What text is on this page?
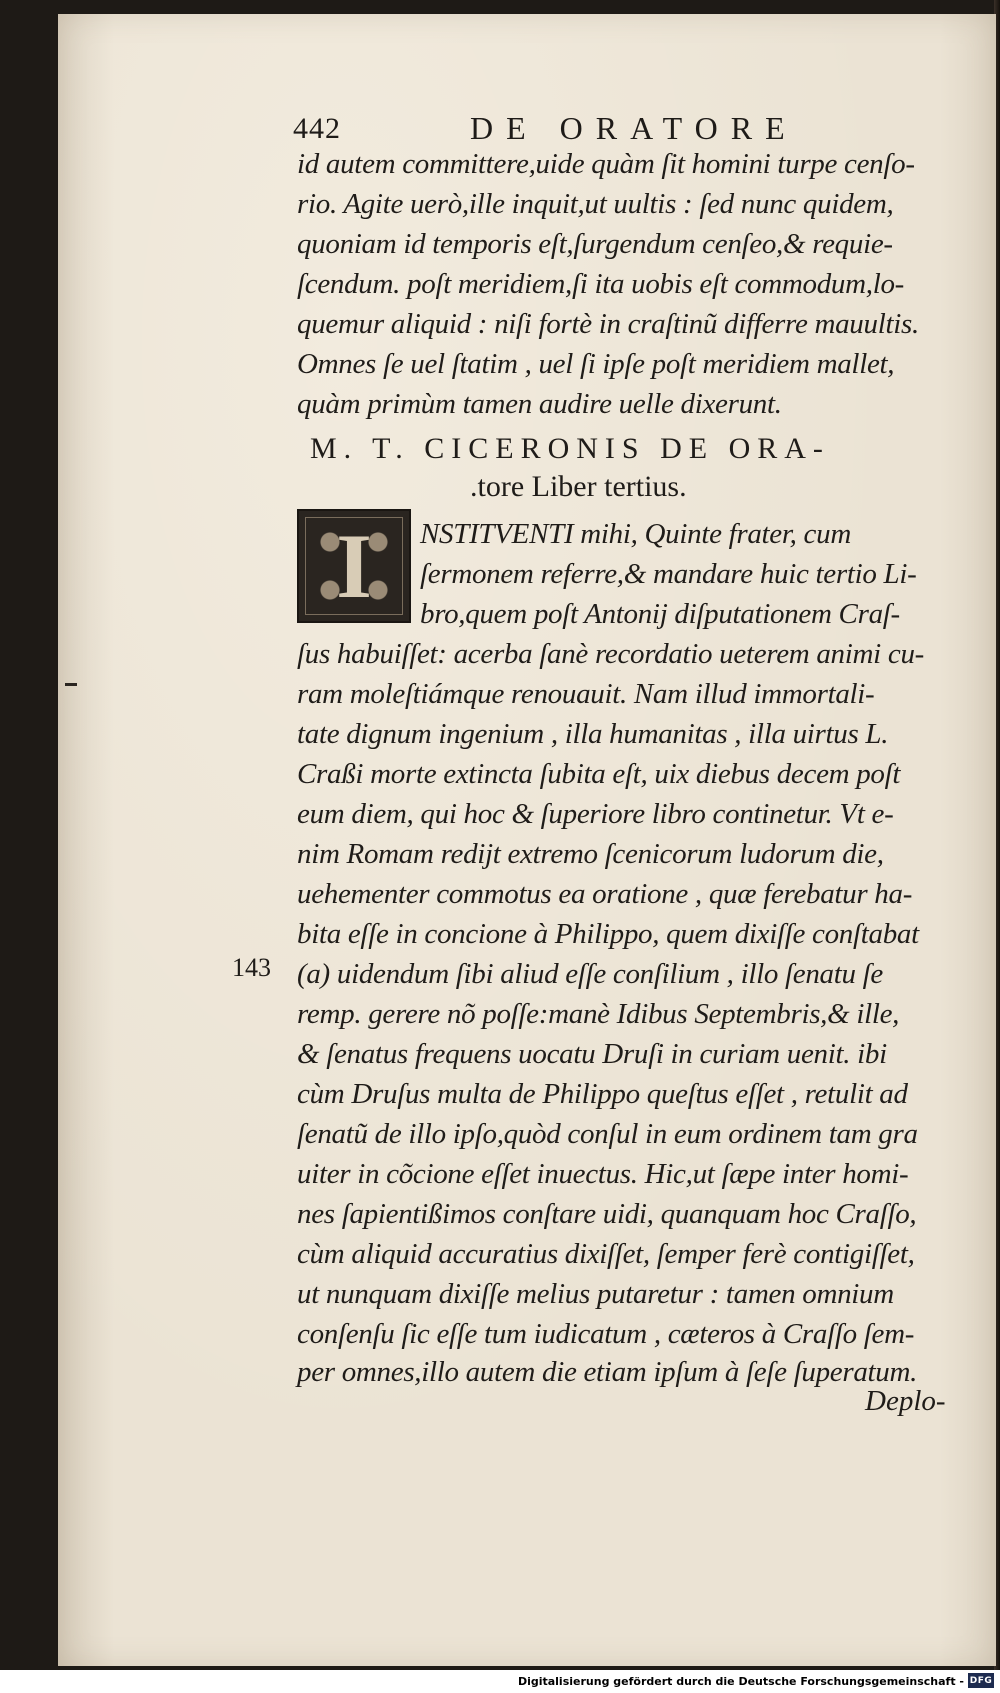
442	DE ORATORE
id autem committere,uide quàm ſit homini turpe cenſo-
rio. Agite uerò,ille inquit,ut uultis : ſed nunc quidem,
quoniam id temporis eſt,ſurgendum cenſeo,& requie-
ſcendum. poſt meridiem,ſi ita uobis eſt commodum,lo-
quemur aliquid : niſi fortè in craſtinũ differre mauultis.
Omnes ſe uel ſtatim , uel ſi ipſe poſt meridiem mallet,
quàm primùm tamen audire uelle dixerunt.
M. T. CICERONIS DE ORA-
.tore Liber tertius.
I	NSTITVENTI mihi, Quinte frater, cum
ſermonem referre,& mandare huic tertio Li-
bro,quem poſt Antonij diſputationem Craſ-
ſus habuiſſet: acerba ſanè recordatio ueterem animi cu-
ram moleſtiámque renouauit. Nam illud immortali-
tate dignum ingenium , illa humanitas , illa uirtus L.
Craßi morte extincta ſubita eſt, uix diebus decem poſt
eum diem, qui hoc & ſuperiore libro continetur. Vt e-
nim Romam redijt extremo ſcenicorum ludorum die,
uehementer commotus ea oratione , quæ ferebatur ha-
bita eſſe in concione à Philippo, quem dixiſſe conſtabat
(a) uidendum ſibi aliud eſſe conſilium , illo ſenatu ſe
remp. gerere nõ poſſe:manè Idibus Septembris,& ille,
& ſenatus frequens uocatu Druſi in curiam uenit. ibi
cùm Druſus multa de Philippo queſtus eſſet , retulit ad
ſenatũ de illo ipſo,quòd conſul in eum ordinem tam gra
uiter in cõcione eſſet inuectus. Hic,ut ſæpe inter homi-
nes ſapientißimos conſtare uidi, quanquam hoc Craſſo,
cùm aliquid accuratius dixiſſet, ſemper ferè contigiſſet,
ut nunquam dixiſſe melius putaretur : tamen omnium
conſenſu ſic eſſe tum iudicatum , cæteros à Craſſo ſem-
per omnes,illo autem die etiam ipſum à ſeſe ſuperatum.
143
Deplo-
Digitalisierung gefördert durch die Deutsche Forschungsgemeinschaft - DFG
